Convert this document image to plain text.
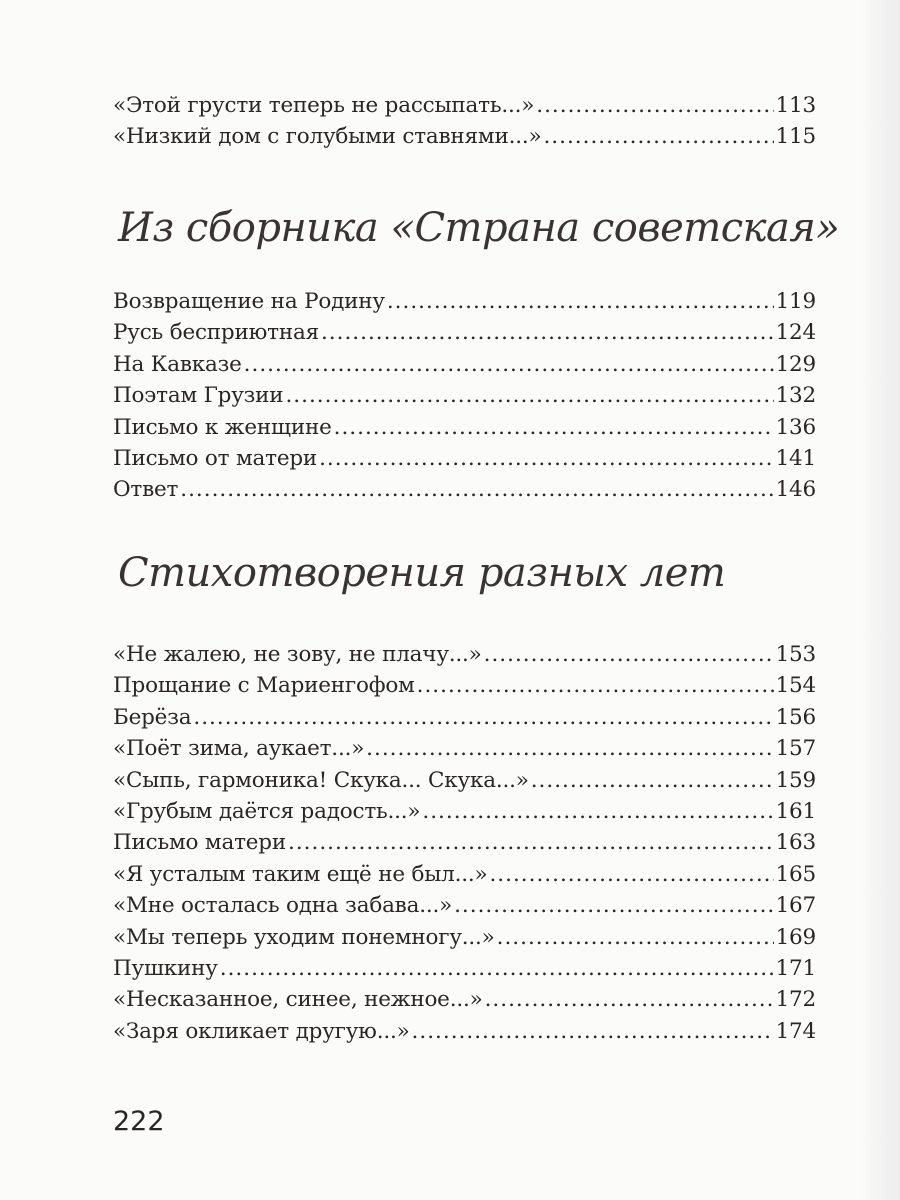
«Этой грусти теперь не рассыпать...» .....	113
«Низкий дом с голубыми ставнями...» .....	115
Из сборника «Страна советская»
Возвращение на Родину .....	119
Русь бесприютная .....	124
На Кавказе .....	129
Поэтам Грузии .....	132
Письмо к женщине .....	136
Письмо от матери .....	141
Ответ .....	146
Стихотворения разных лет
«Не жалею, не зову, не плачу...» .....	153
Прощание с Мариенгофом .....	154
Берёза .....	156
«Поёт зима, аукает...» .....	157
«Сыпь, гармоника! Скука... Скука...» .....	159
«Грубым даётся радость...» .....	161
Письмо матери .....	163
«Я усталым таким ещё не был...» .....	165
«Мне осталась одна забава...» .....	167
«Мы теперь уходим понемногу...» .....	169
Пушкину .....	171
«Несказанное, синее, нежное...» .....	172
«Заря окликает другую...» .....	174
222
